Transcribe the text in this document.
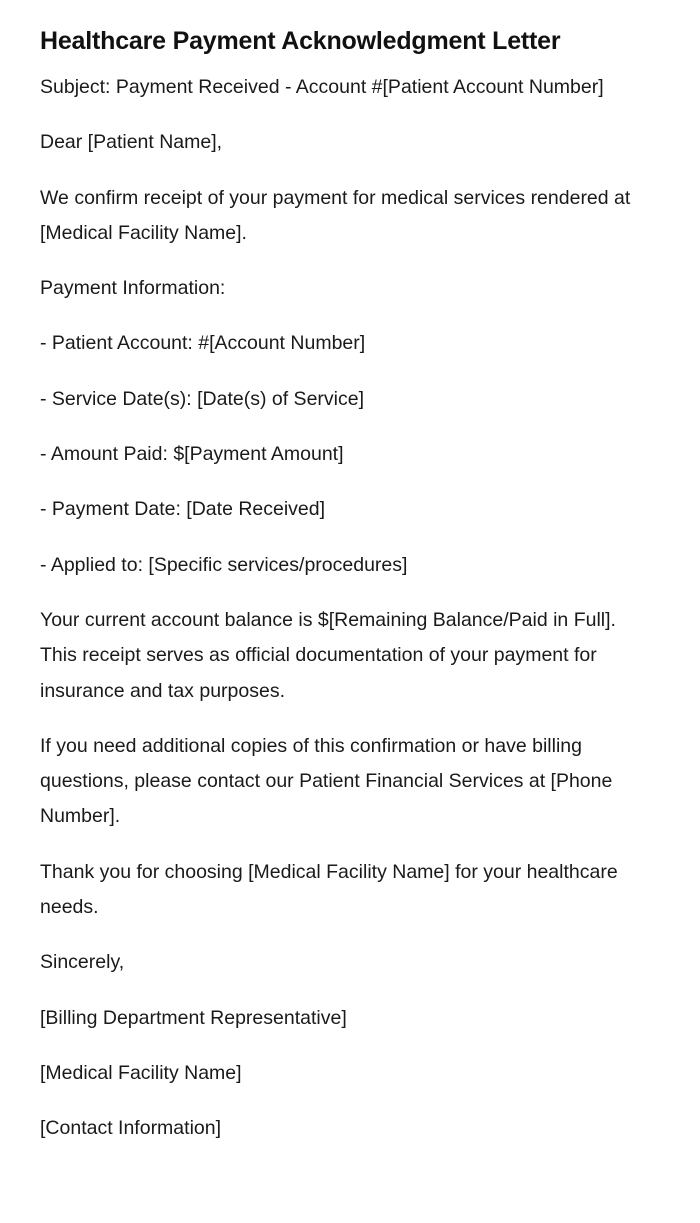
Healthcare Payment Acknowledgment Letter

Subject: Payment Received - Account #[Patient Account Number]

Dear [Patient Name],

We confirm receipt of your payment for medical services rendered at [Medical Facility Name].

Payment Information:

- Patient Account: #[Account Number]

- Service Date(s): [Date(s) of Service]

- Amount Paid: $[Payment Amount]

- Payment Date: [Date Received]

- Applied to: [Specific services/procedures]

Your current account balance is $[Remaining Balance/Paid in Full]. This receipt serves as official documentation of your payment for insurance and tax purposes.

If you need additional copies of this confirmation or have billing questions, please contact our Patient Financial Services at [Phone Number].

Thank you for choosing [Medical Facility Name] for your healthcare needs.

Sincerely,

[Billing Department Representative]

[Medical Facility Name]

[Contact Information]
